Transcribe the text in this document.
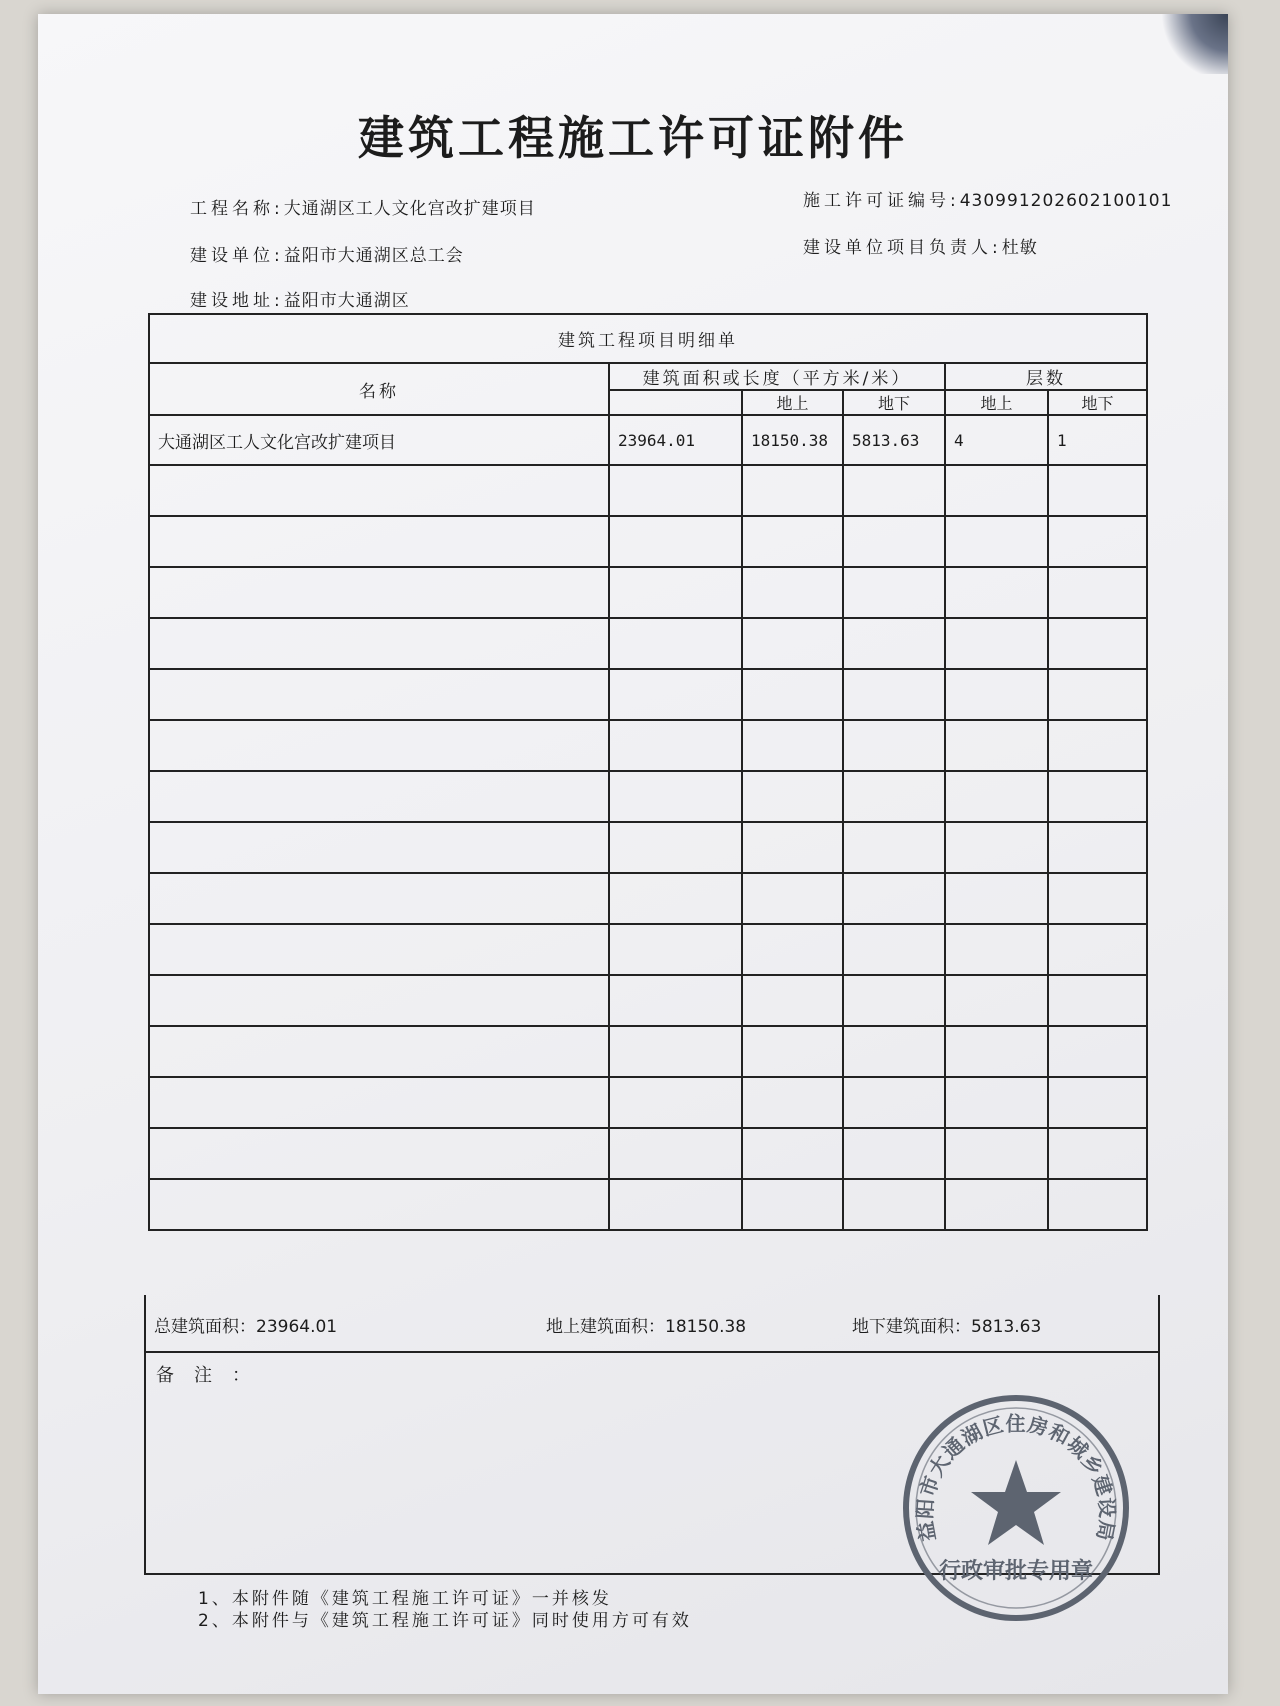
建筑工程施工许可证附件
工程名称:大通湖区工人文化宫改扩建项目
建设单位:益阳市大通湖区总工会
建设地址:益阳市大通湖区
施工许可证编号:430991202602100101
建设单位项目负责人:杜敏
建筑工程项目明细单					
名称	建筑面积或长度（平方米/米）			层数	
		地上	地下	地上	地下
大通湖区工人文化宫改扩建项目	23964.01	18150.38	5813.63	4	1

总建筑面积：23964.01	地上建筑面积：18150.38	地下建筑面积：5813.63
备注：
1、本附件随《建筑工程施工许可证》一并核发
2、本附件与《建筑工程施工许可证》同时使用方可有效
益阳市大通湖区住房和城乡建设局
行政审批专用章
